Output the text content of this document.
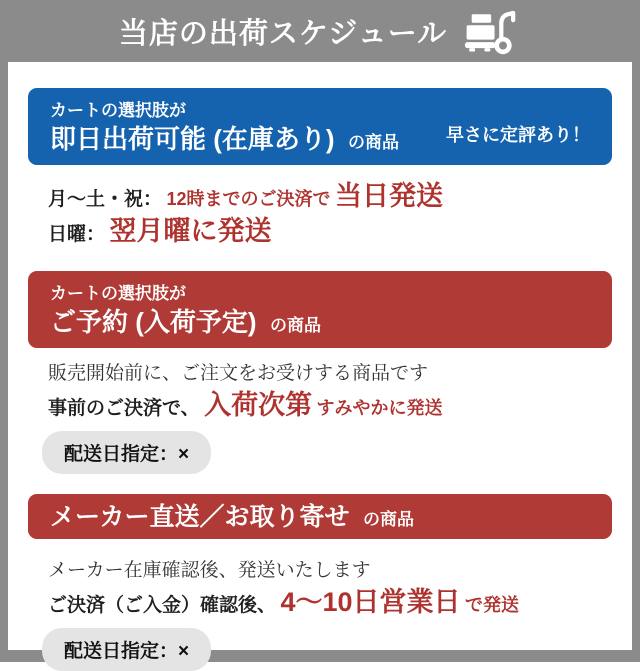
当店の出荷スケジュール
カートの選択肢が
即日出荷可能 (在庫あり) の商品	早さに定評あり！
月〜土・祝： 12時までのご決済で 当日発送
日曜： 翌月曜に発送
カートの選択肢が
ご予約 (入荷予定) の商品
販売開始前に、ご注文をお受けする商品です
事前のご決済で、 入荷次第 すみやかに発送
配送日指定：×
メーカー直送／お取り寄せ の商品
メーカー在庫確認後、発送いたします
ご決済（ご入金）確認後、 4〜10日営業日 で発送
配送日指定：×
